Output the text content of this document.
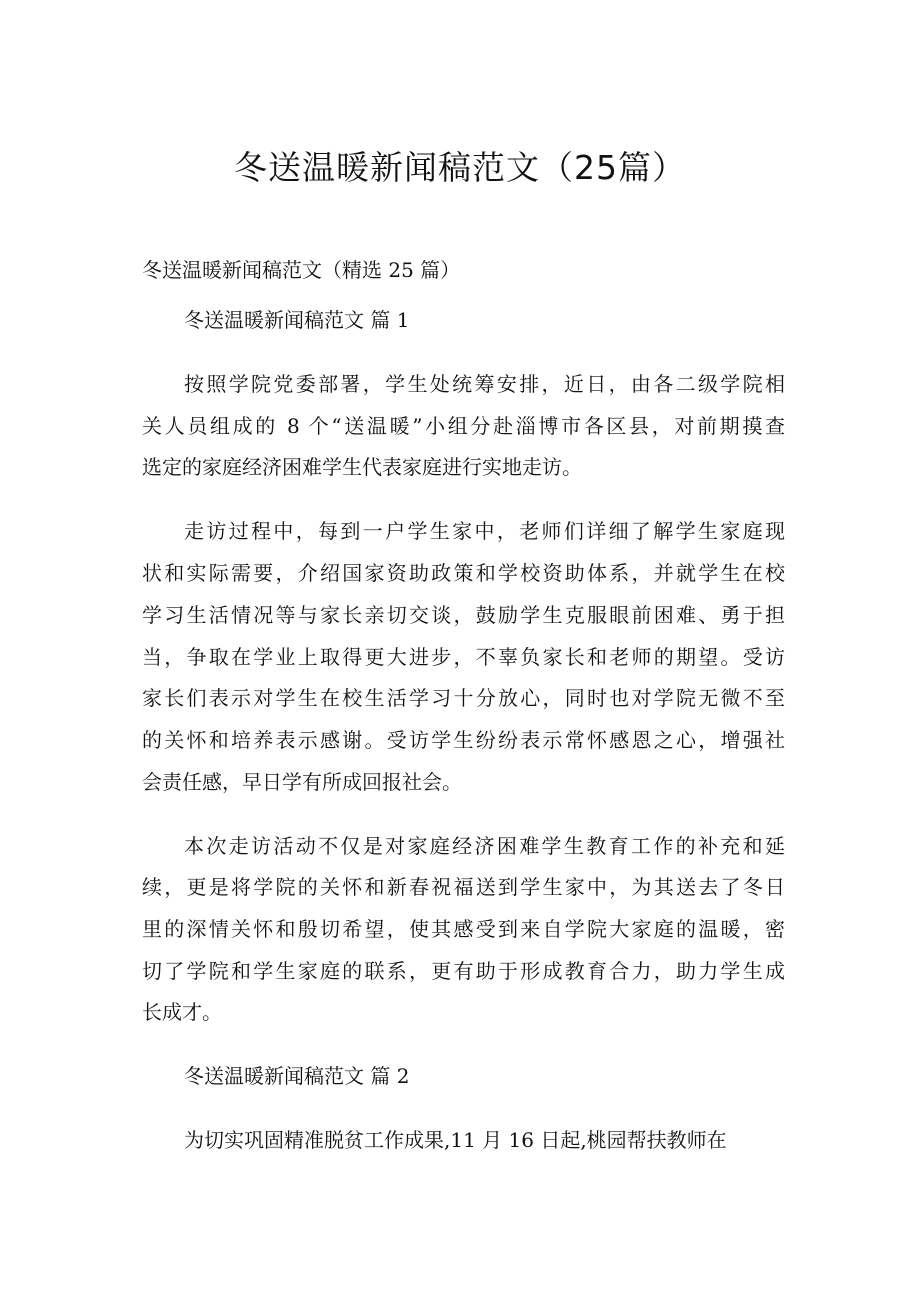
冬送温暖新闻稿范文（25篇）
冬送温暖新闻稿范文（精选 25 篇）
冬送温暖新闻稿范文 篇 1
按照学院党委部署，学生处统筹安排，近日，由各二级学院相
关人员组成的 8 个“送温暖”小组分赴淄博市各区县，对前期摸查
选定的家庭经济困难学生代表家庭进行实地走访。
走访过程中，每到一户学生家中，老师们详细了解学生家庭现
状和实际需要，介绍国家资助政策和学校资助体系，并就学生在校
学习生活情况等与家长亲切交谈，鼓励学生克服眼前困难、勇于担
当，争取在学业上取得更大进步，不辜负家长和老师的期望。受访
家长们表示对学生在校生活学习十分放心，同时也对学院无微不至
的关怀和培养表示感谢。受访学生纷纷表示常怀感恩之心，增强社
会责任感，早日学有所成回报社会。
本次走访活动不仅是对家庭经济困难学生教育工作的补充和延
续，更是将学院的关怀和新春祝福送到学生家中，为其送去了冬日
里的深情关怀和殷切希望，使其感受到来自学院大家庭的温暖，密
切了学院和学生家庭的联系，更有助于形成教育合力，助力学生成
长成才。
冬送温暖新闻稿范文 篇 2
为切实巩固精准脱贫工作成果,11 月 16 日起,桃园帮扶教师在
